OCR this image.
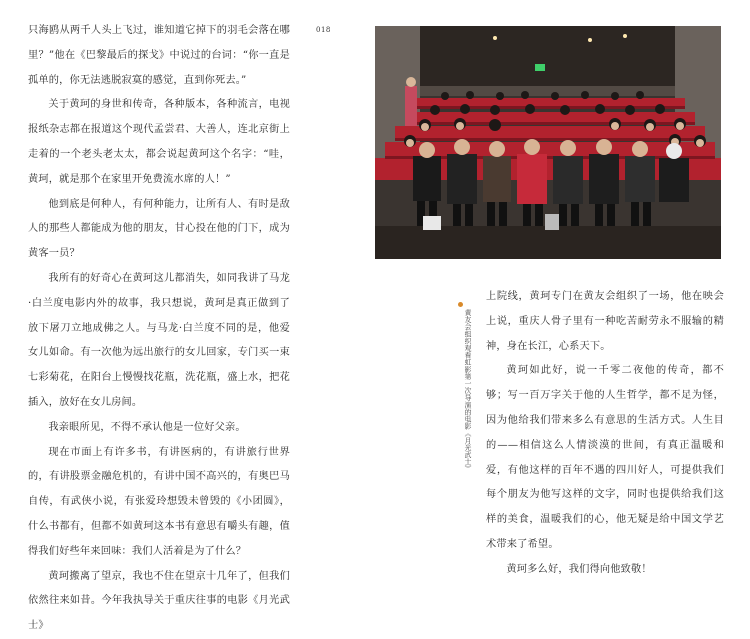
只海鸥从两千人头上飞过，谁知道它掉下的羽毛会落在哪里？”他在《巴黎最后的探戈》中说过的台词：“你一直是孤单的，你无法逃脱寂寞的感觉，直到你死去。”

关于黄珂的身世和传奇，各种版本，各种流言，电视报纸杂志都在报道这个现代孟尝君、大善人，连北京街上走着的一个老头老太太，都会说起黄珂这个名字：“哇，黄珂，就是那个在家里开免费流水席的人！”

他到底是何种人，有何种能力，让所有人、有时是敌人的那些人都能成为他的朋友，甘心投在他的门下，成为黄客一员？

我所有的好奇心在黄珂这儿都消失，如同我讲了马龙·白兰度电影内外的故事，我只想说，黄珂是真正做到了放下屠刀立地成佛之人。与马龙·白兰度不同的是，他爱女儿如命。有一次他为远出旅行的女儿回家，专门买一束七彩菊花，在阳台上慢慢找花瓶，洗花瓶，盛上水，把花插入，放好在女儿房间。

我亲眼所见，不得不承认他是一位好父亲。

现在市面上有许多书，有讲医病的，有讲旅行世界的，有讲股票金融危机的，有讲中国不高兴的，有奥巴马自传，有武侠小说，有张爱玲想毁未曾毁的《小团圆》，什么书都有，但都不如黄珂这本书有意思有嚼头有趣，值得我们好些年来回味：我们人活着是为了什么？

黄珂搬离了望京，我也不住在望京十几年了，但我们依然往来如昔。今年我执导关于重庆往事的电影《月光武士》

018
黄友会组织观看虹影第一次导演的电影《月光武士》

上院线，黄珂专门在黄友会组织了一场，他在映会上说，重庆人骨子里有一种吃苦耐劳永不服输的精神，身在长江，心系天下。

黄珂如此好，说一千零二夜他的传奇，都不够；写一百万字关于他的人生哲学，都不足为怪，因为他给我们带来多么有意思的生活方式。人生目的——相信这么人情淡漠的世间，有真正温暖和爱，有他这样的百年不遇的四川好人，可提供我们每个朋友为他写这样的文字，同时也提供给我们这样的美食，温暖我们的心，他无疑是给中国文学艺术带来了希望。

黄珂多么好，我们得向他致敬！
